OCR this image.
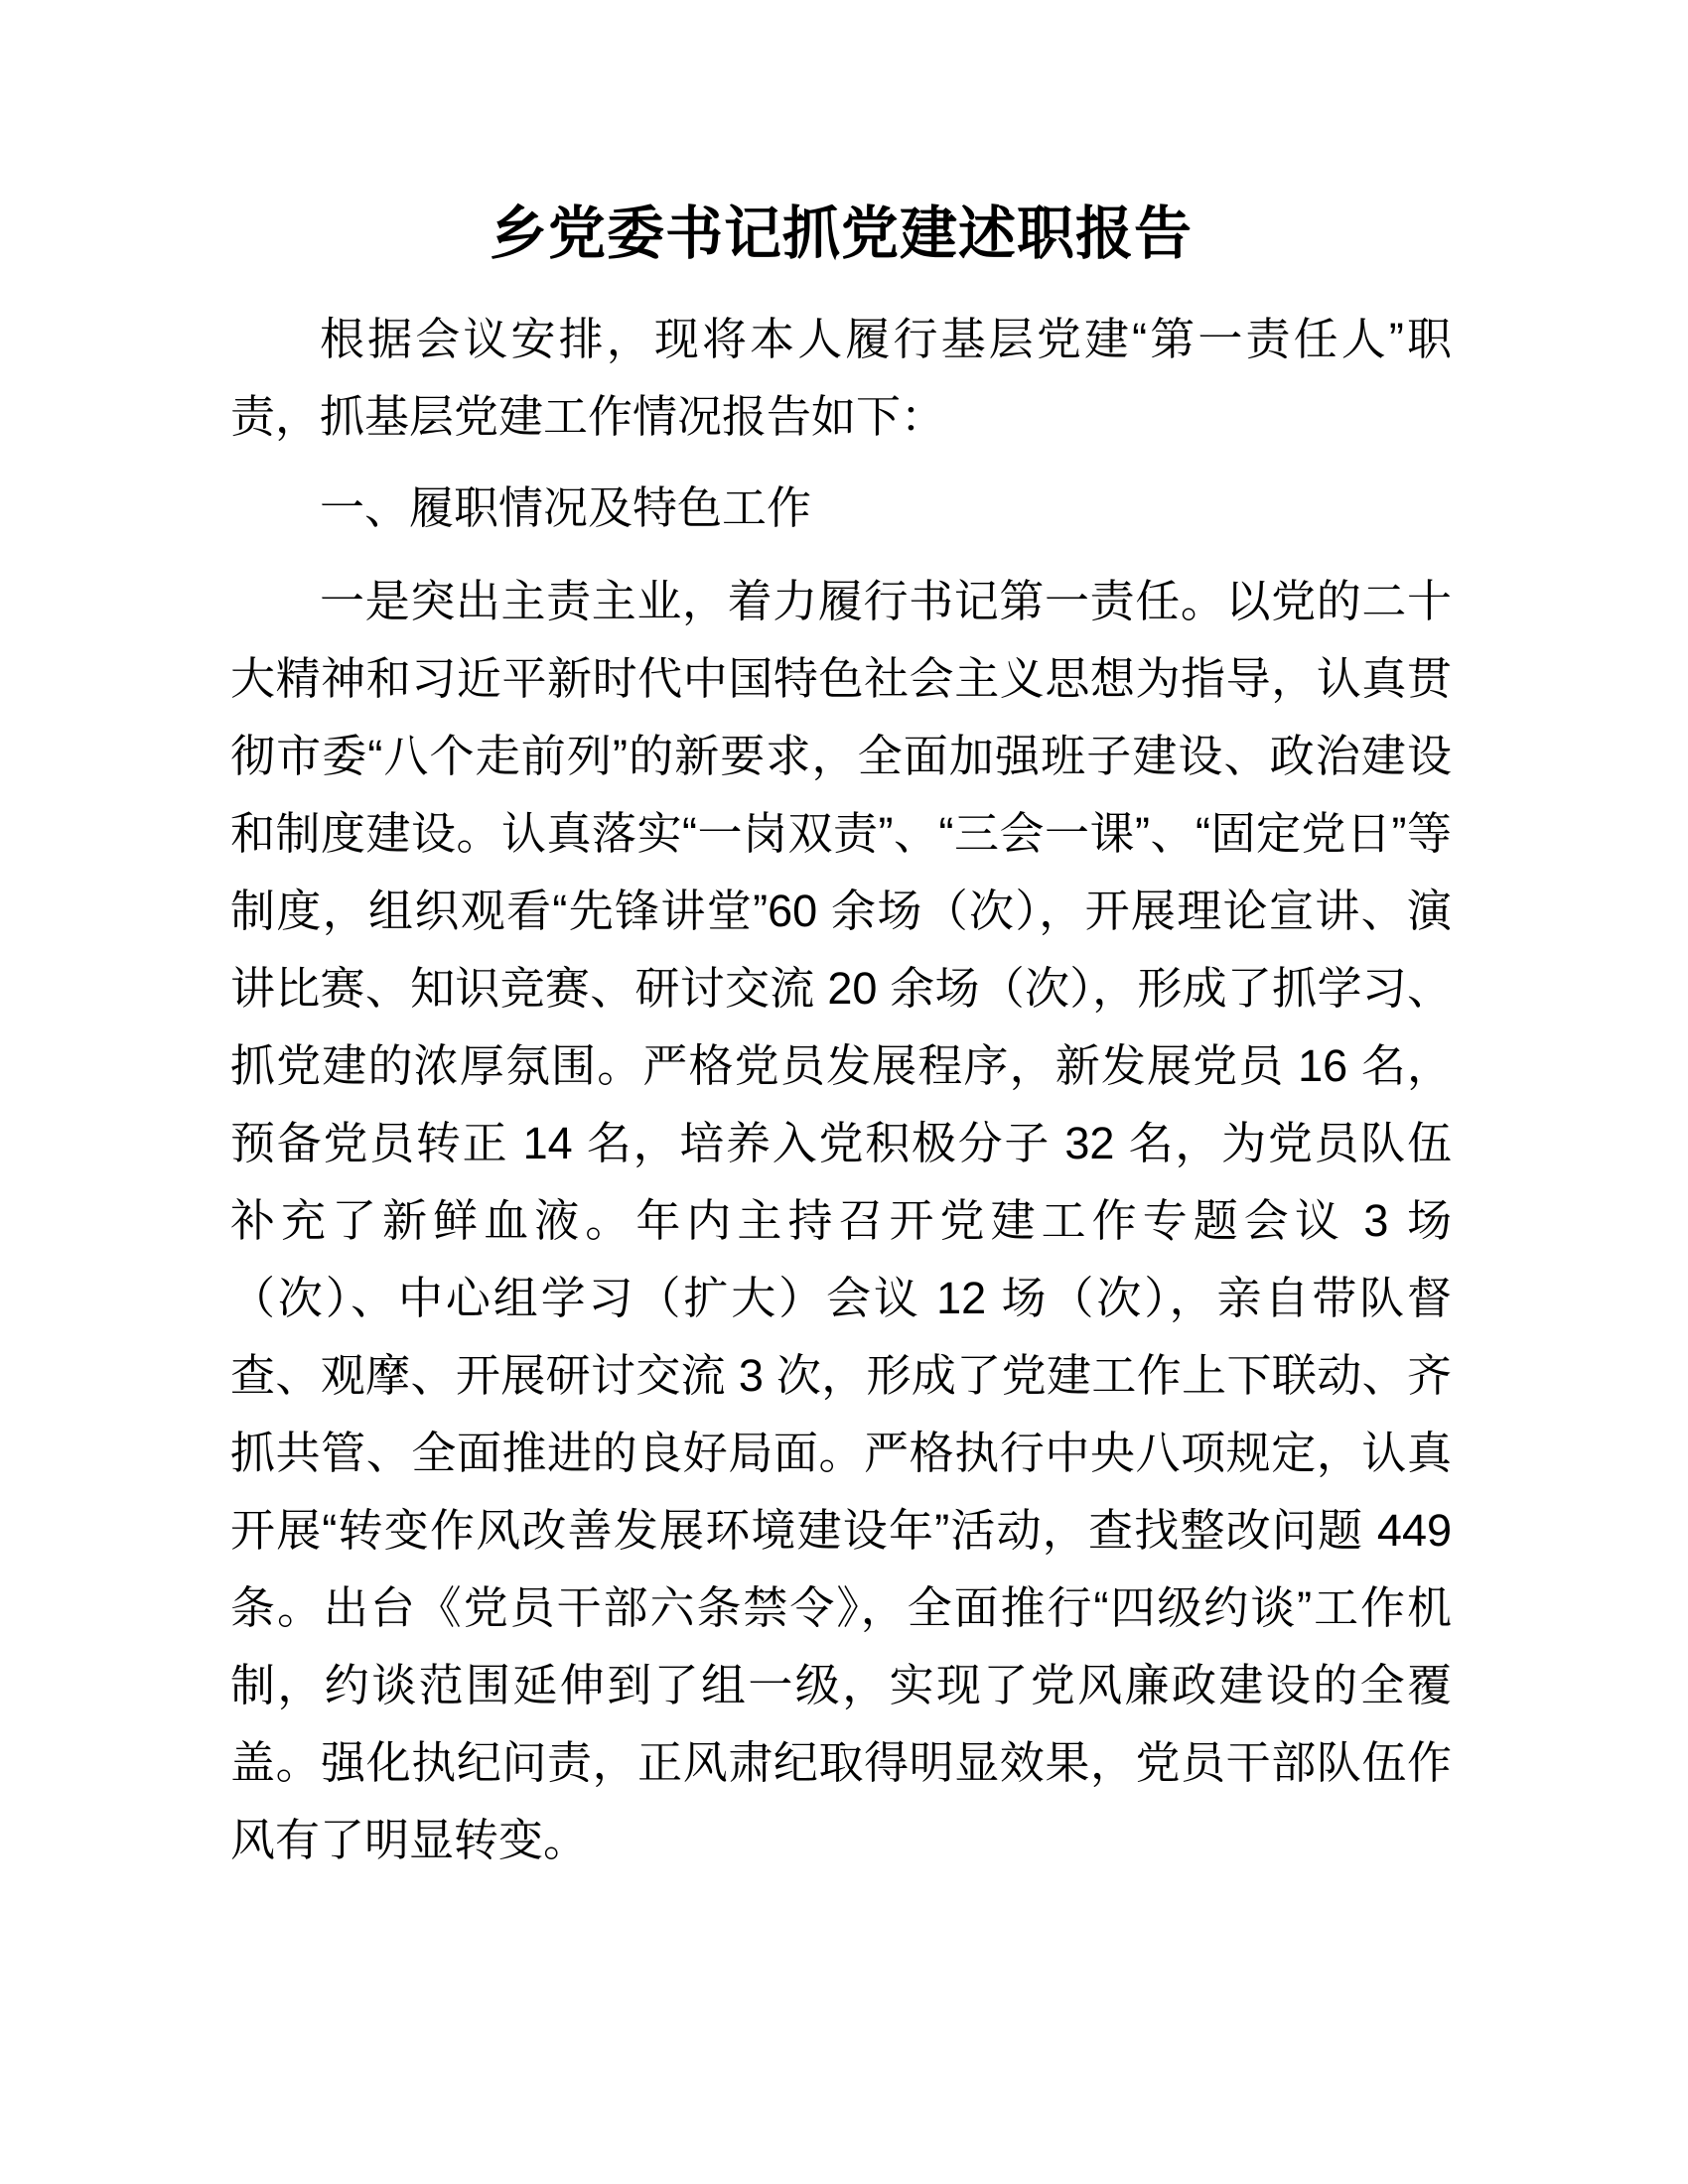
乡党委书记抓党建述职报告

根据会议安排，现将本人履行基层党建“第一责任人”职责，抓基层党建工作情况报告如下：

一、履职情况及特色工作

一是突出主责主业，着力履行书记第一责任。以党的二十大精神和习近平新时代中国特色社会主义思想为指导，认真贯彻市委“八个走前列”的新要求，全面加强班子建设、政治建设和制度建设。认真落实“一岗双责”、“三会一课”、“固定党日”等制度，组织观看“先锋讲堂”60 余场（次），开展理论宣讲、演讲比赛、知识竞赛、研讨交流 20 余场（次），形成了抓学习、抓党建的浓厚氛围。严格党员发展程序，新发展党员 16 名，预备党员转正 14 名，培养入党积极分子 32 名，为党员队伍补充了新鲜血液。年内主持召开党建工作专题会议 3 场（次）、中心组学习（扩大）会议 12 场（次），亲自带队督查、观摩、开展研讨交流 3 次，形成了党建工作上下联动、齐抓共管、全面推进的良好局面。严格执行中央八项规定，认真开展“转变作风改善发展环境建设年”活动，查找整改问题 449 条。出台《党员干部六条禁令》，全面推行“四级约谈”工作机制，约谈范围延伸到了组一级，实现了党风廉政建设的全覆盖。强化执纪问责，正风肃纪取得明显效果，党员干部队伍作风有了明显转变。
